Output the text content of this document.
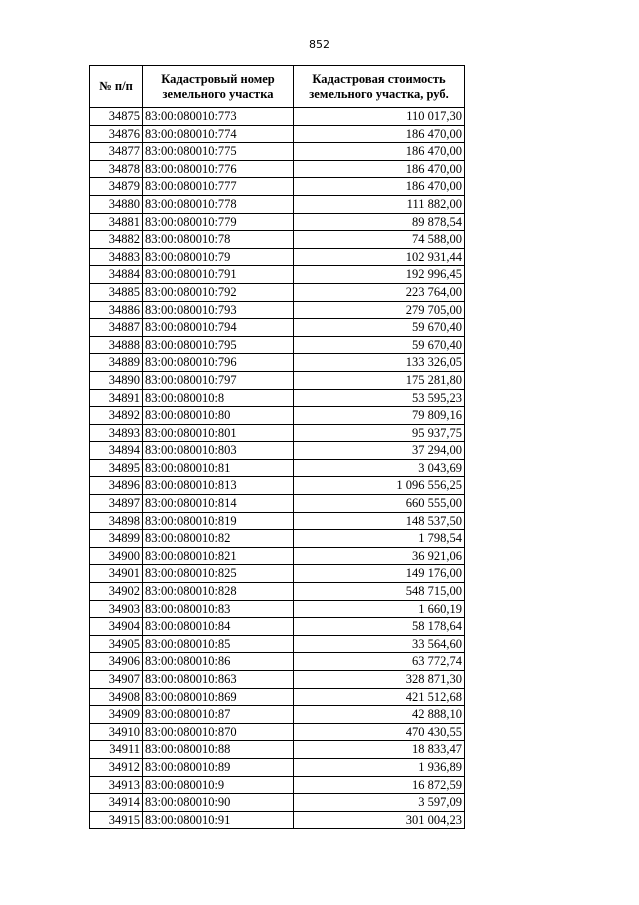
852
№ п/п	Кадастровый номер земельного участка	Кадастровая стоимость земельного участка, руб.
34875	83:00:080010:773	110 017,30
34876	83:00:080010:774	186 470,00
34877	83:00:080010:775	186 470,00
34878	83:00:080010:776	186 470,00
34879	83:00:080010:777	186 470,00
34880	83:00:080010:778	111 882,00
34881	83:00:080010:779	89 878,54
34882	83:00:080010:78	74 588,00
34883	83:00:080010:79	102 931,44
34884	83:00:080010:791	192 996,45
34885	83:00:080010:792	223 764,00
34886	83:00:080010:793	279 705,00
34887	83:00:080010:794	59 670,40
34888	83:00:080010:795	59 670,40
34889	83:00:080010:796	133 326,05
34890	83:00:080010:797	175 281,80
34891	83:00:080010:8	53 595,23
34892	83:00:080010:80	79 809,16
34893	83:00:080010:801	95 937,75
34894	83:00:080010:803	37 294,00
34895	83:00:080010:81	3 043,69
34896	83:00:080010:813	1 096 556,25
34897	83:00:080010:814	660 555,00
34898	83:00:080010:819	148 537,50
34899	83:00:080010:82	1 798,54
34900	83:00:080010:821	36 921,06
34901	83:00:080010:825	149 176,00
34902	83:00:080010:828	548 715,00
34903	83:00:080010:83	1 660,19
34904	83:00:080010:84	58 178,64
34905	83:00:080010:85	33 564,60
34906	83:00:080010:86	63 772,74
34907	83:00:080010:863	328 871,30
34908	83:00:080010:869	421 512,68
34909	83:00:080010:87	42 888,10
34910	83:00:080010:870	470 430,55
34911	83:00:080010:88	18 833,47
34912	83:00:080010:89	1 936,89
34913	83:00:080010:9	16 872,59
34914	83:00:080010:90	3 597,09
34915	83:00:080010:91	301 004,23
